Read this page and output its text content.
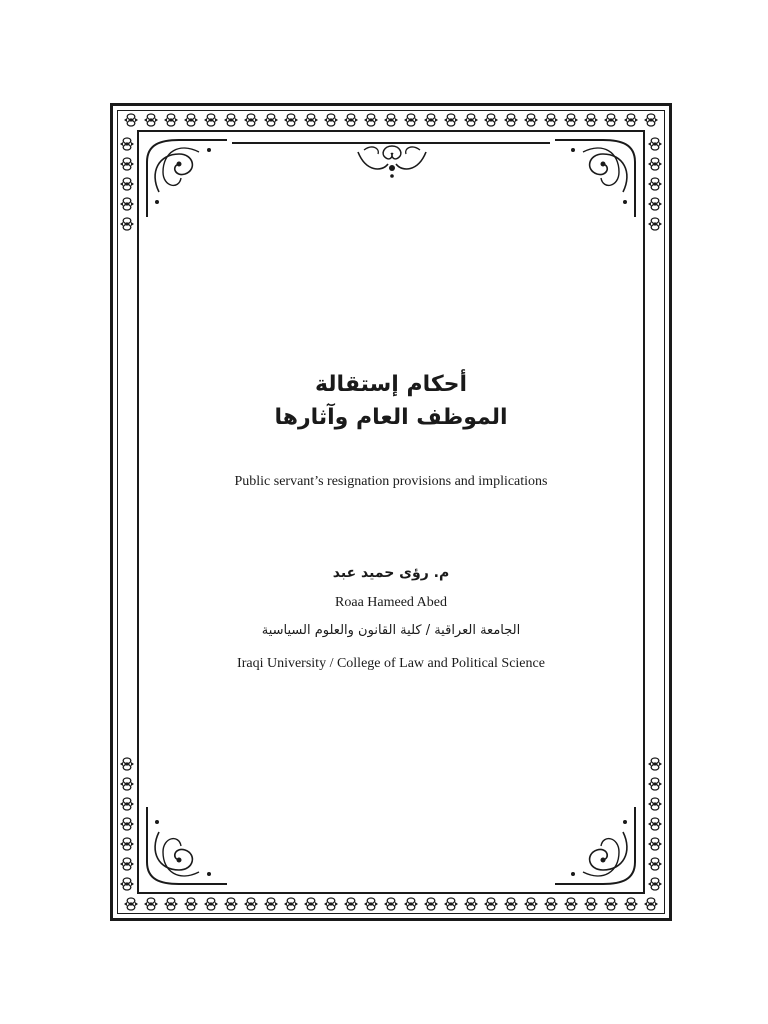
أحكام إستقالة
الموظف العام وآثارها
Public servant’s resignation provisions and implications
م. رؤى حميد عبد
Roaa Hameed Abed
الجامعة العراقية / كلية القانون والعلوم السياسية
Iraqi University / College of Law and Political Science
